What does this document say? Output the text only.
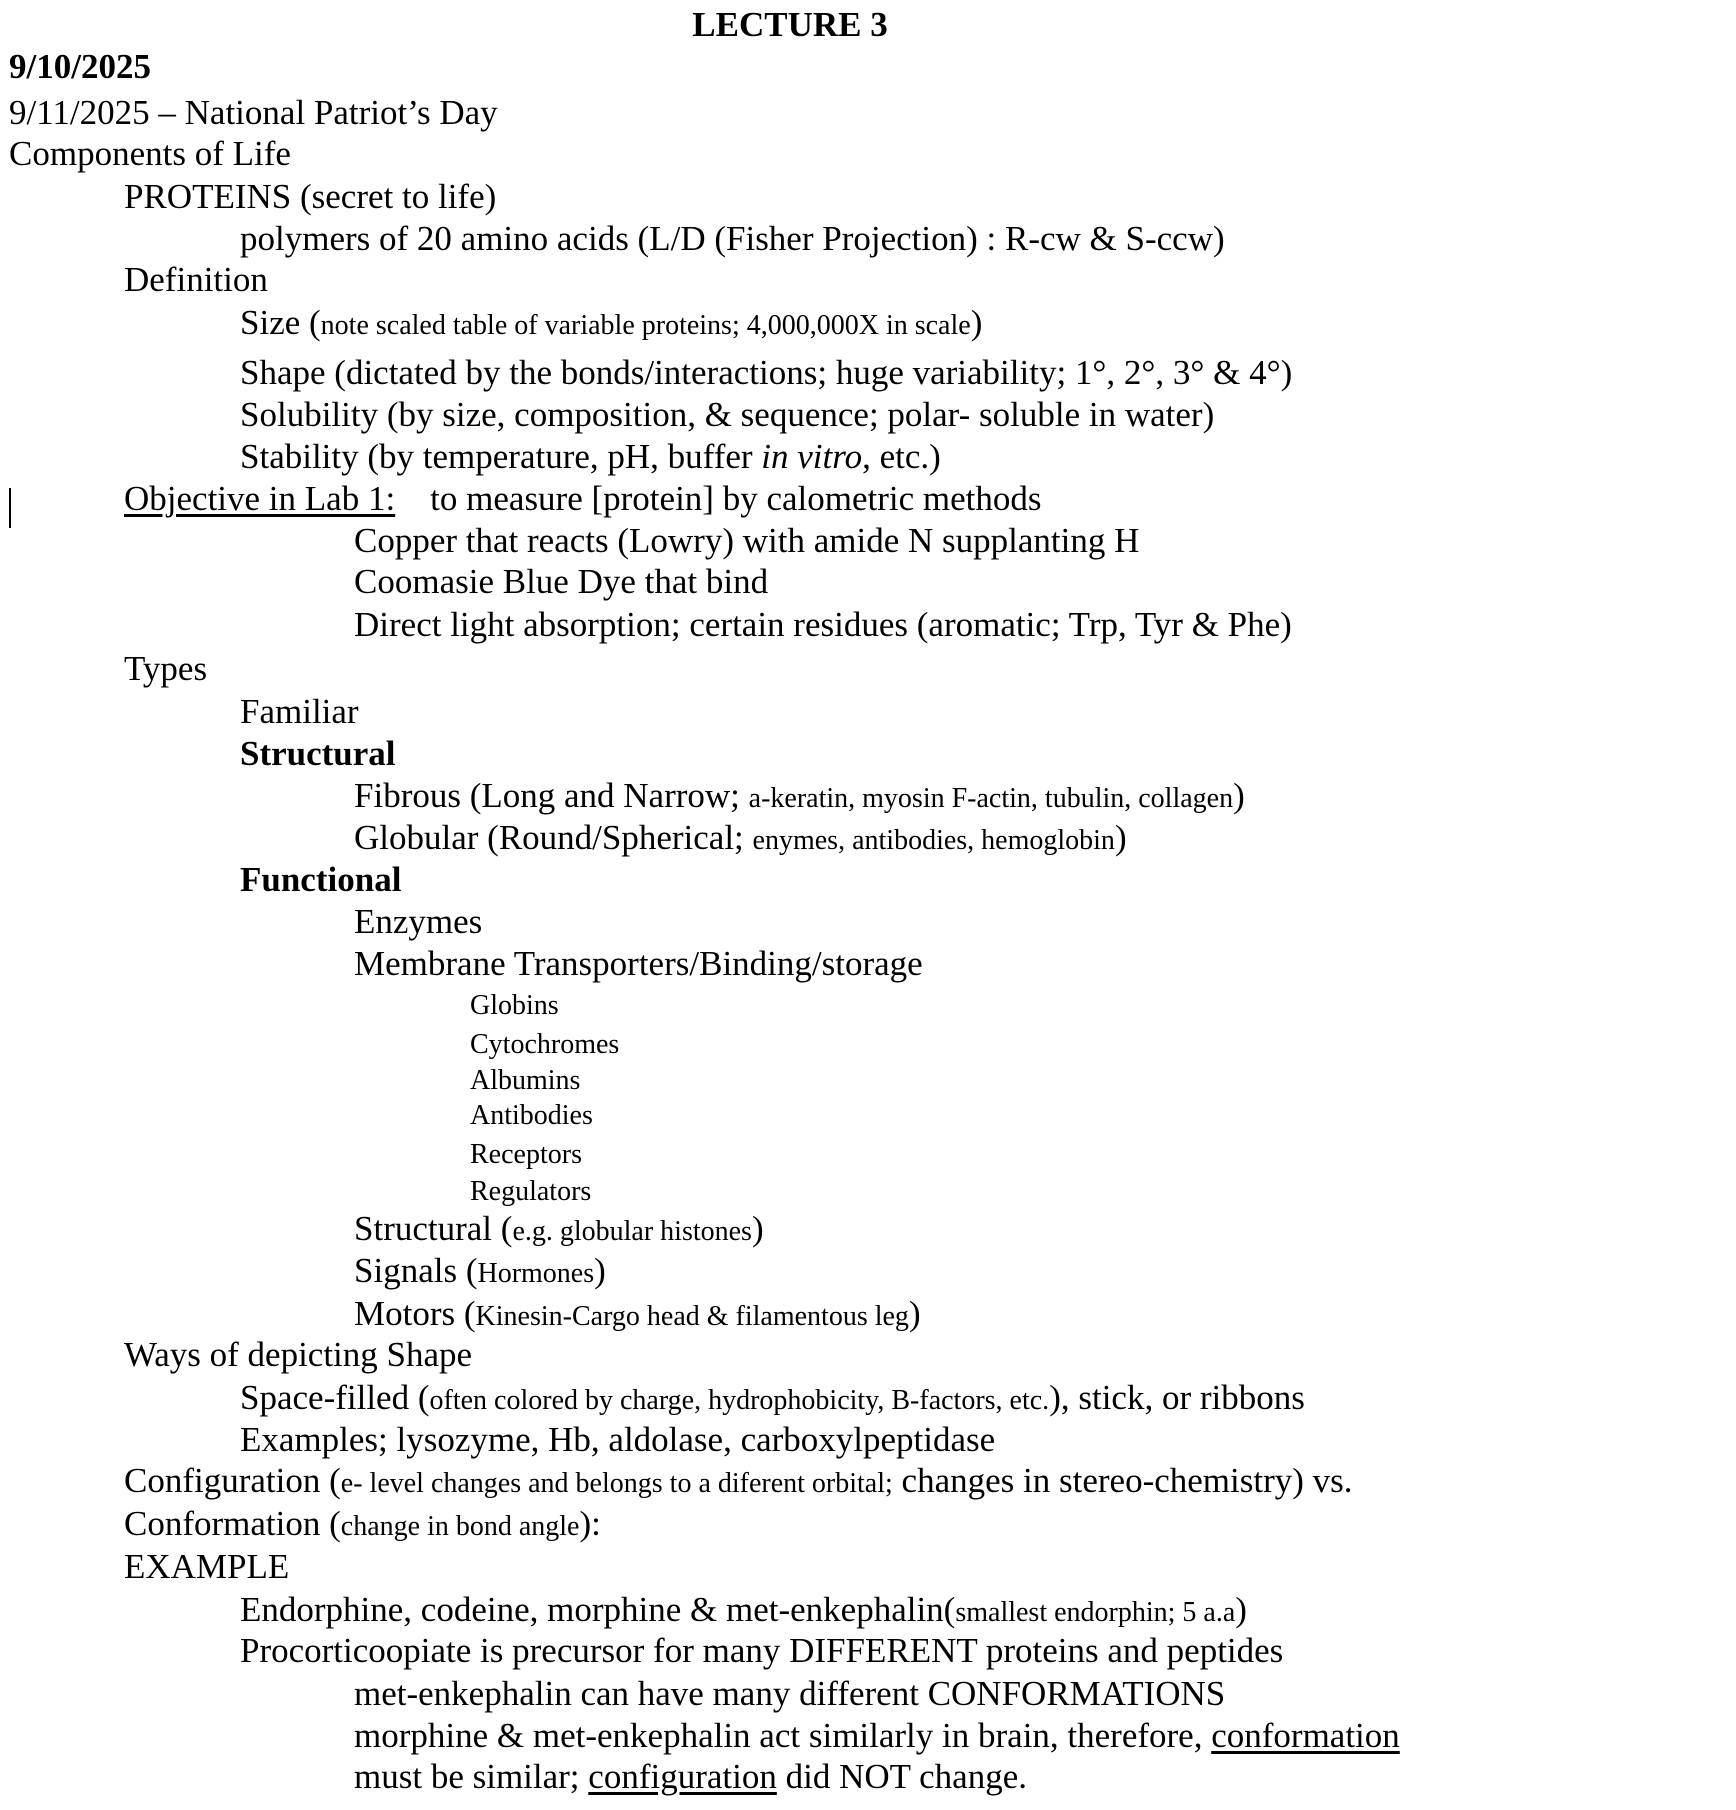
LECTURE 3
9/10/2025
9/11/2025 – National Patriot’s Day
Components of Life
PROTEINS (secret to life)
polymers of 20 amino acids (L/D (Fisher Projection) : R-cw & S-ccw)
Definition
Size (note scaled table of variable proteins; 4,000,000X in scale)
Shape (dictated by the bonds/interactions; huge variability; 1°, 2°, 3° & 4°)
Solubility (by size, composition, & sequence; polar- soluble in water)
Stability (by temperature, pH, buffer in vitro, etc.)
Objective in Lab 1:    to measure [protein] by calometric methods
Copper that reacts (Lowry) with amide N supplanting H
Coomasie Blue Dye that bind
Direct light absorption; certain residues (aromatic; Trp, Tyr & Phe)
Types
Familiar
Structural
Fibrous (Long and Narrow; a-keratin, myosin F-actin, tubulin, collagen)
Globular (Round/Spherical; enymes, antibodies, hemoglobin)
Functional
Enzymes
Membrane Transporters/Binding/storage
Globins
Cytochromes
Albumins
Antibodies
Receptors
Regulators
Structural (e.g. globular histones)
Signals (Hormones)
Motors (Kinesin-Cargo head & filamentous leg)
Ways of depicting Shape
Space-filled (often colored by charge, hydrophobicity, B-factors, etc.), stick, or ribbons
Examples; lysozyme, Hb, aldolase, carboxylpeptidase
Configuration (e- level changes and belongs to a diferent orbital; changes in stereo-chemistry) vs.
Conformation (change in bond angle):
EXAMPLE
Endorphine, codeine, morphine & met-enkephalin(smallest endorphin; 5 a.a)
Procorticoopiate is precursor for many DIFFERENT proteins and peptides
met-enkephalin can have many different CONFORMATIONS
morphine & met-enkephalin act similarly in brain, therefore, conformation
must be similar; configuration did NOT change.
